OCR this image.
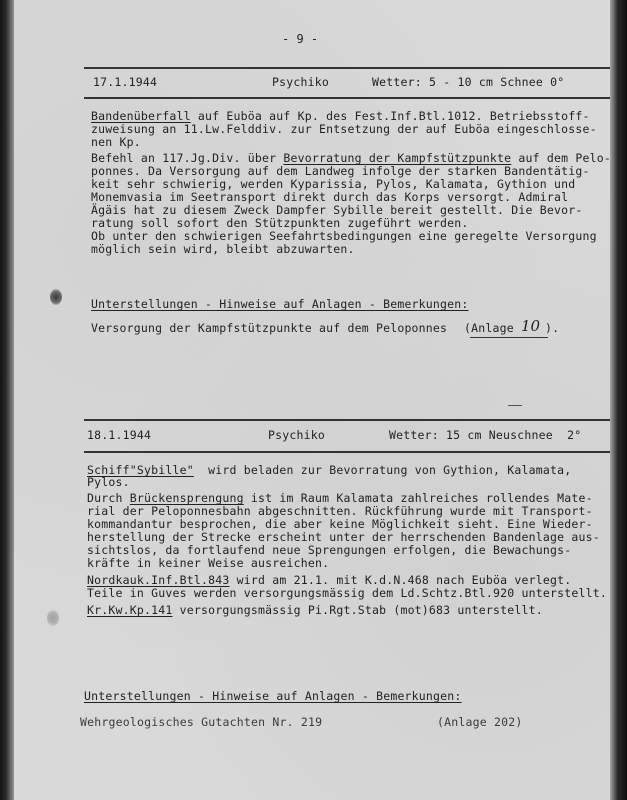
- 9 -
17.1.1944	Psychiko	Wetter: 5 - 10 cm Schnee 0°
Bandenüberfall auf Euböa auf Kp. des Fest.Inf.Btl.1012. Betriebsstoff-
zuweisung an 11.Lw.Felddiv. zur Entsetzung der auf Euböa eingeschlosse-
nen Kp.
Befehl an 117.Jg.Div. über Bevorratung der Kampfstützpunkte auf dem Pelo-
ponnes. Da Versorgung auf dem Landweg infolge der starken Bandentätig-
keit sehr schwierig, werden Kyparissia, Pylos, Kalamata, Gythion und
Monemvasia im Seetransport direkt durch das Korps versorgt. Admiral
Ägäis hat zu diesem Zweck Dampfer Sybille bereit gestellt. Die Bevor-
ratung soll sofort den Stützpunkten zugeführt werden.
Ob unter den schwierigen Seefahrtsbedingungen eine geregelte Versorgung
möglich sein wird, bleibt abzuwarten.
Unterstellungen - Hinweise auf Anlagen - Bemerkungen:
Versorgung der Kampfstützpunkte auf dem Peloponnes (Anlage 10 ).
18.1.1944	Psychiko	Wetter: 15 cm Neuschnee  2°
Schiff"Sybille"  wird beladen zur Bevorratung von Gythion, Kalamata,
Pylos.
Durch Brückensprengung ist im Raum Kalamata zahlreiches rollendes Mate-
rial der Peloponnesbahn abgeschnitten. Rückführung wurde mit Transport-
kommandantur besprochen, die aber keine Möglichkeit sieht. Eine Wieder-
herstellung der Strecke erscheint unter der herrschenden Bandenlage aus-
sichtslos, da fortlaufend neue Sprengungen erfolgen, die Bewachungs-
kräfte in keiner Weise ausreichen.
Nordkauk.Inf.Btl.843 wird am 21.1. mit K.d.N.468 nach Euböa verlegt.
Teile in Guves werden versorgungsmässig dem Ld.Schtz.Btl.920 unterstellt.
Kr.Kw.Kp.141 versorgungsmässig Pi.Rgt.Stab (mot)683 unterstellt.
Unterstellungen - Hinweise auf Anlagen - Bemerkungen:
Wehrgeologisches Gutachten Nr. 219	(Anlage 202)
